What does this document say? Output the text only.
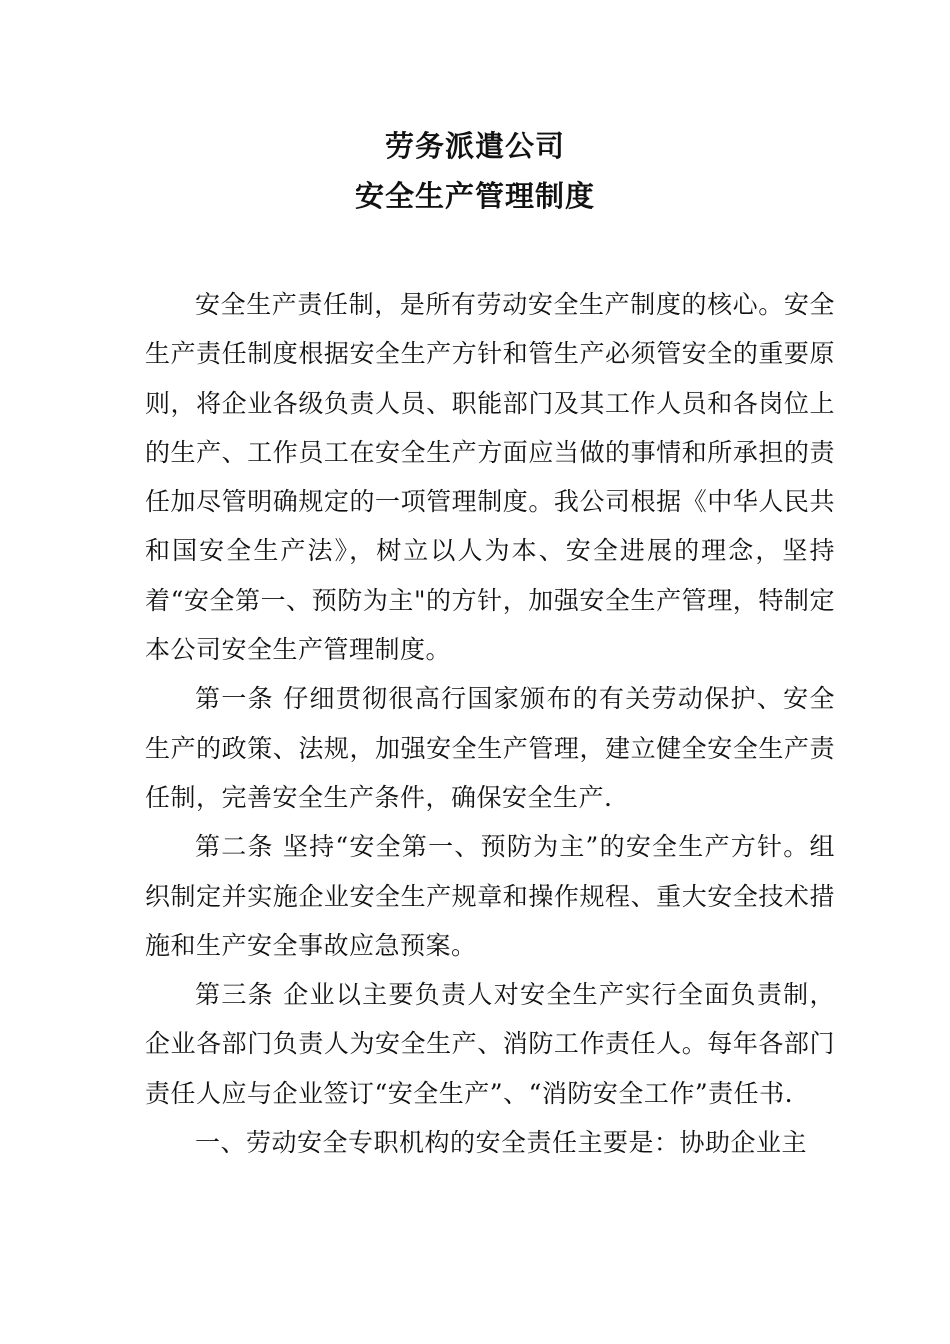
劳务派遣公司
安全生产管理制度

安全生产责任制，是所有劳动安全生产制度的核心。安全生产责任制度根据安全生产方针和管生产必须管安全的重要原则，将企业各级负责人员、职能部门及其工作人员和各岗位上的生产、工作员工在安全生产方面应当做的事情和所承担的责任加尽管明确规定的一项管理制度。我公司根据《中华人民共和国安全生产法》，树立以人为本、安全进展的理念，坚持着“安全第一、预防为主"的方针，加强安全生产管理，特制定本公司安全生产管理制度。

第一条 仔细贯彻很高行国家颁布的有关劳动保护、安全生产的政策、法规，加强安全生产管理，建立健全安全生产责任制，完善安全生产条件，确保安全生产.

第二条 坚持“安全第一、预防为主”的安全生产方针。组织制定并实施企业安全生产规章和操作规程、重大安全技术措施和生产安全事故应急预案。

第三条 企业以主要负责人对安全生产实行全面负责制，企业各部门负责人为安全生产、消防工作责任人。每年各部门责任人应与企业签订“安全生产”、“消防安全工作”责任书.

一、劳动安全专职机构的安全责任主要是：协助企业主
